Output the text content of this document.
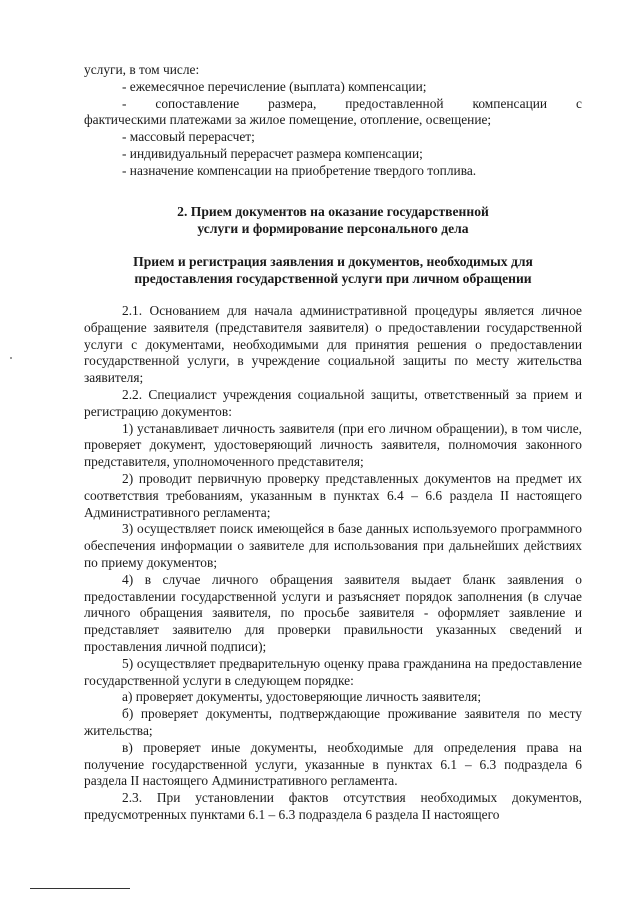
услуги, в том числе:

- ежемесячное перечисление (выплата) компенсации;

- сопоставление размера, предоставленной компенсации с

фактическими платежами за жилое помещение, отопление, освещение;

- массовый перерасчет;

- индивидуальный перерасчет размера компенсации;

- назначение компенсации на приобретение твердого топлива.

2. Прием документов на оказание государственной

услуги и формирование персонального дела

Прием и регистрация заявления и документов, необходимых для

предоставления государственной услуги при личном обращении

2.1. Основанием для начала административной процедуры является личное обращение заявителя (представителя заявителя) о предоставлении государственной услуги с документами, необходимыми для принятия решения о предоставлении государственной услуги, в учреждение социальной защиты по месту жительства заявителя;

2.2. Специалист учреждения социальной защиты, ответственный за прием и регистрацию документов:

1) устанавливает личность заявителя (при его личном обращении), в том числе, проверяет документ, удостоверяющий личность заявителя, полномочия законного представителя, уполномоченного представителя;

2) проводит первичную проверку представленных документов на предмет их соответствия требованиям, указанным в пунктах 6.4 – 6.6 раздела II настоящего Административного регламента;

3) осуществляет поиск имеющейся в базе данных используемого программного обеспечения информации о заявителе для использования при дальнейших действиях по приему документов;

4) в случае личного обращения заявителя выдает бланк заявления о предоставлении государственной услуги и разъясняет порядок заполнения (в случае личного обращения заявителя, по просьбе заявителя - оформляет заявление и представляет заявителю для проверки правильности указанных сведений и проставления личной подписи);

5) осуществляет предварительную оценку права гражданина на предоставление государственной услуги в следующем порядке:

а) проверяет документы, удостоверяющие личность заявителя;

б) проверяет документы, подтверждающие проживание заявителя по месту жительства;

в) проверяет иные документы, необходимые для определения права на получение государственной услуги, указанные в пунктах 6.1 – 6.3 подраздела 6 раздела II настоящего Административного регламента.

2.3. При установлении фактов отсутствия необходимых документов, предусмотренных пунктами 6.1 – 6.3 подраздела 6 раздела II настоящего
